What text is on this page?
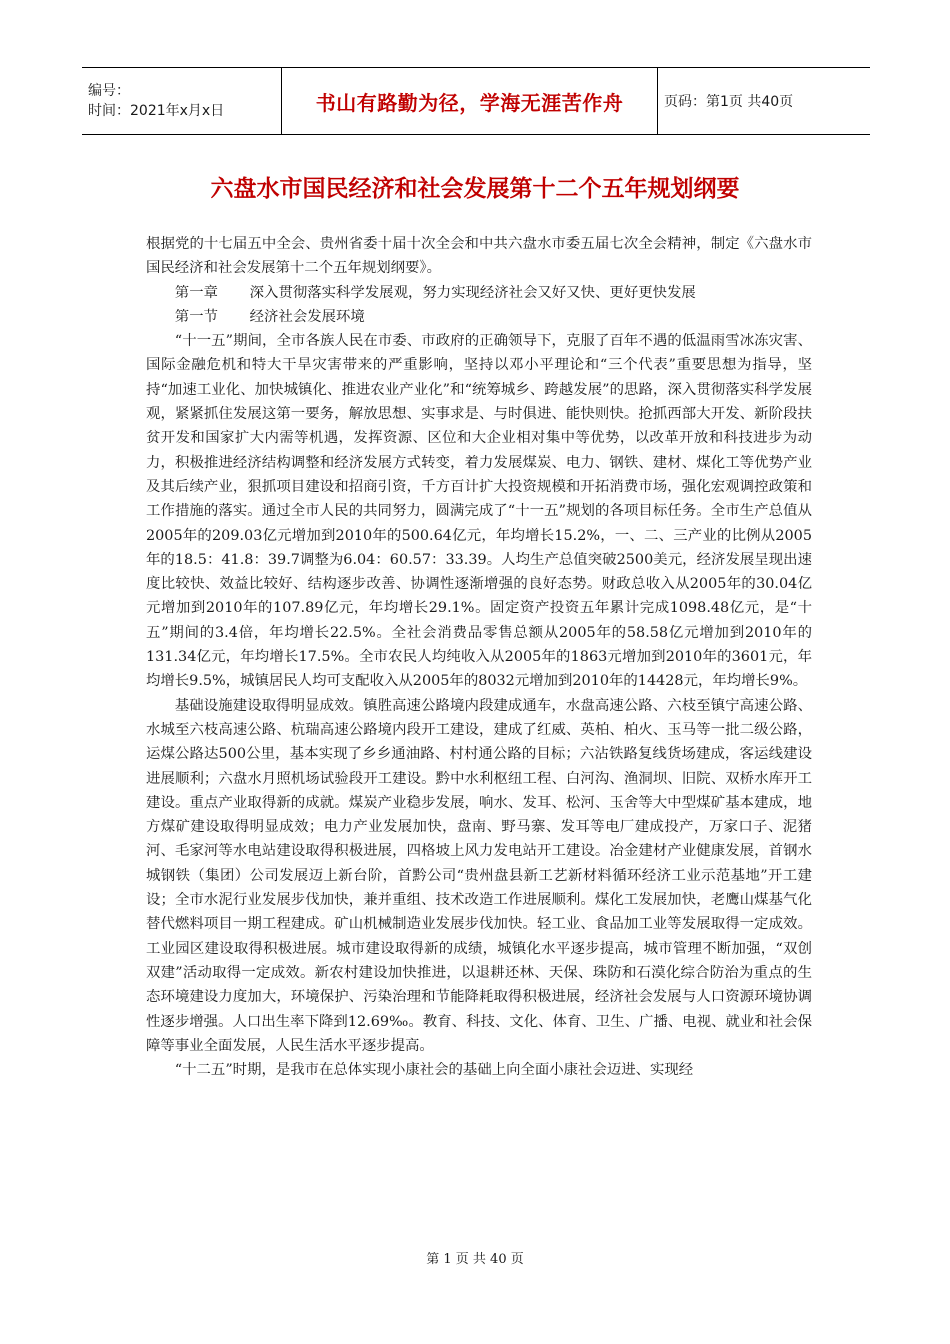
编号：
时间：2021年x月x日	书山有路勤为径，学海无涯苦作舟	页码：第1页 共40页
六盘水市国民经济和社会发展第十二个五年规划纲要

根据党的十七届五中全会、贵州省委十届十次全会和中共六盘水市委五届七次全会精神，制定《六盘水市国民经济和社会发展第十二个五年规划纲要》。

第一章 深入贯彻落实科学发展观，努力实现经济社会又好又快、更好更快发展

第一节 经济社会发展环境

“十一五”期间，全市各族人民在市委、市政府的正确领导下，克服了百年不遇的低温雨雪冰冻灾害、国际金融危机和特大干旱灾害带来的严重影响，坚持以邓小平理论和“三个代表”重要思想为指导，坚持“加速工业化、加快城镇化、推进农业产业化”和“统筹城乡、跨越发展”的思路，深入贯彻落实科学发展观，紧紧抓住发展这第一要务，解放思想、实事求是、与时俱进、能快则快。抢抓西部大开发、新阶段扶贫开发和国家扩大内需等机遇，发挥资源、区位和大企业相对集中等优势，以改革开放和科技进步为动力，积极推进经济结构调整和经济发展方式转变，着力发展煤炭、电力、钢铁、建材、煤化工等优势产业及其后续产业，狠抓项目建设和招商引资，千方百计扩大投资规模和开拓消费市场，强化宏观调控政策和工作措施的落实。通过全市人民的共同努力，圆满完成了“十一五”规划的各项目标任务。全市生产总值从2005年的209.03亿元增加到2010年的500.64亿元，年均增长15.2%，一、二、三产业的比例从2005年的18.5：41.8：39.7调整为6.04：60.57：33.39。人均生产总值突破2500美元，经济发展呈现出速度比较快、效益比较好、结构逐步改善、协调性逐渐增强的良好态势。财政总收入从2005年的30.04亿元增加到2010年的107.89亿元，年均增长29.1%。固定资产投资五年累计完成1098.48亿元，是“十五”期间的3.4倍，年均增长22.5%。全社会消费品零售总额从2005年的58.58亿元增加到2010年的131.34亿元，年均增长17.5%。全市农民人均纯收入从2005年的1863元增加到2010年的3601元，年均增长9.5%，城镇居民人均可支配收入从2005年的8032元增加到2010年的14428元，年均增长9%。

基础设施建设取得明显成效。镇胜高速公路境内段建成通车，水盘高速公路、六枝至镇宁高速公路、水城至六枝高速公路、杭瑞高速公路境内段开工建设，建成了红威、英柏、柏火、玉马等一批二级公路，运煤公路达500公里，基本实现了乡乡通油路、村村通公路的目标；六沾铁路复线货场建成，客运线建设进展顺利；六盘水月照机场试验段开工建设。黔中水利枢纽工程、白河沟、渔洞坝、旧院、双桥水库开工建设。重点产业取得新的成就。煤炭产业稳步发展，响水、发耳、松河、玉舍等大中型煤矿基本建成，地方煤矿建设取得明显成效；电力产业发展加快，盘南、野马寨、发耳等电厂建成投产，万家口子、泥猪河、毛家河等水电站建设取得积极进展，四格坡上风力发电站开工建设。冶金建材产业健康发展，首钢水城钢铁（集团）公司发展迈上新台阶，首黔公司“贵州盘县新工艺新材料循环经济工业示范基地”开工建设；全市水泥行业发展步伐加快，兼并重组、技术改造工作进展顺利。煤化工发展加快，老鹰山煤基气化替代燃料项目一期工程建成。矿山机械制造业发展步伐加快。轻工业、食品加工业等发展取得一定成效。工业园区建设取得积极进展。城市建设取得新的成绩，城镇化水平逐步提高，城市管理不断加强，“双创双建”活动取得一定成效。新农村建设加快推进，以退耕还林、天保、珠防和石漠化综合防治为重点的生态环境建设力度加大，环境保护、污染治理和节能降耗取得积极进展，经济社会发展与人口资源环境协调性逐步增强。人口出生率下降到12.69‰。教育、科技、文化、体育、卫生、广播、电视、就业和社会保障等事业全面发展，人民生活水平逐步提高。

“十二五”时期，是我市在总体实现小康社会的基础上向全面小康社会迈进、实现经

第 1 页 共 40 页
